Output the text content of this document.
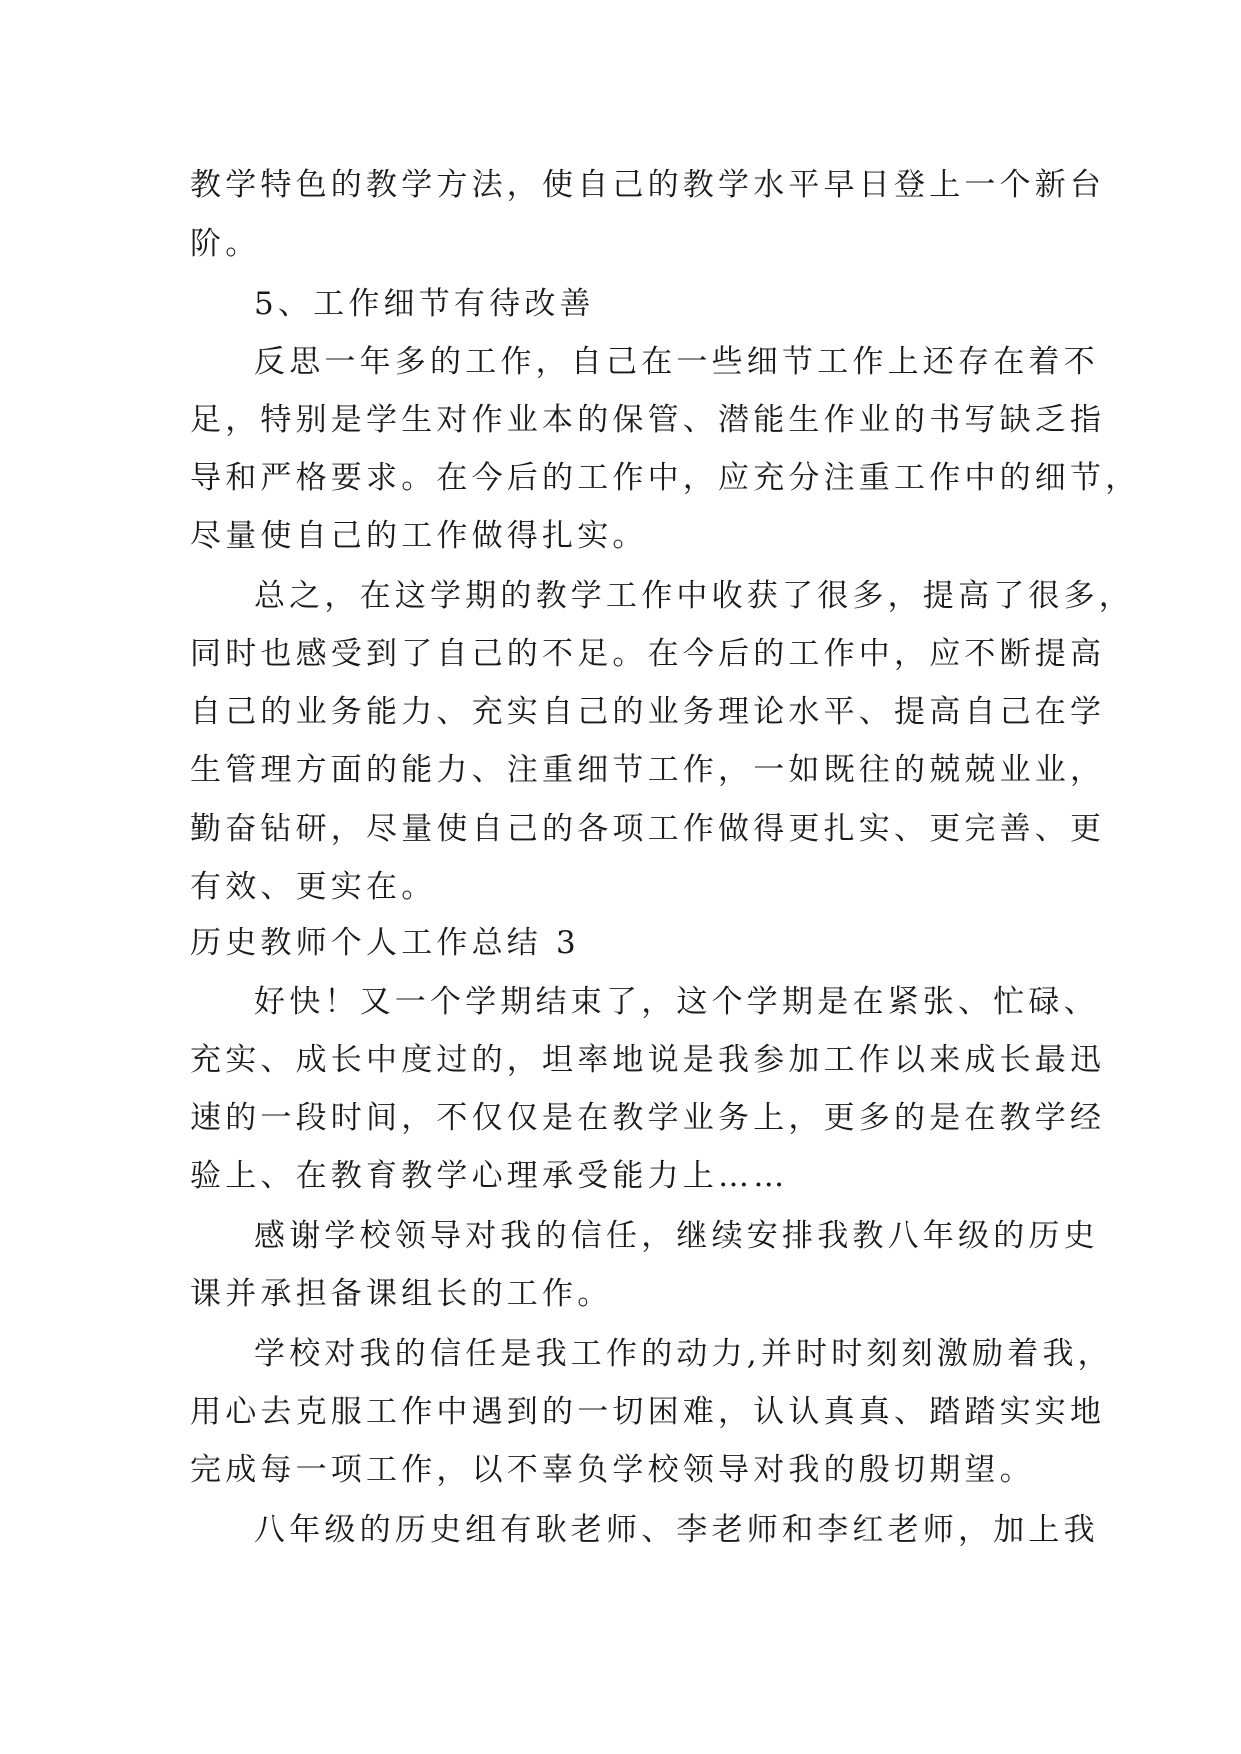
教学特色的教学方法，使自己的教学水平早日登上一个新台
阶。
5、工作细节有待改善
反思一年多的工作，自己在一些细节工作上还存在着不
足，特别是学生对作业本的保管、潜能生作业的书写缺乏指
导和严格要求。在今后的工作中，应充分注重工作中的细节，
尽量使自己的工作做得扎实。
总之，在这学期的教学工作中收获了很多，提高了很多，
同时也感受到了自己的不足。在今后的工作中，应不断提高
自己的业务能力、充实自己的业务理论水平、提高自己在学
生管理方面的能力、注重细节工作，一如既往的兢兢业业，
勤奋钻研，尽量使自己的各项工作做得更扎实、更完善、更
有效、更实在。
历史教师个人工作总结 3
好快！又一个学期结束了，这个学期是在紧张、忙碌、
充实、成长中度过的，坦率地说是我参加工作以来成长最迅
速的一段时间，不仅仅是在教学业务上，更多的是在教学经
验上、在教育教学心理承受能力上……
感谢学校领导对我的信任，继续安排我教八年级的历史
课并承担备课组长的工作。
学校对我的信任是我工作的动力,并时时刻刻激励着我，
用心去克服工作中遇到的一切困难，认认真真、踏踏实实地
完成每一项工作，以不辜负学校领导对我的殷切期望。
八年级的历史组有耿老师、李老师和李红老师，加上我
